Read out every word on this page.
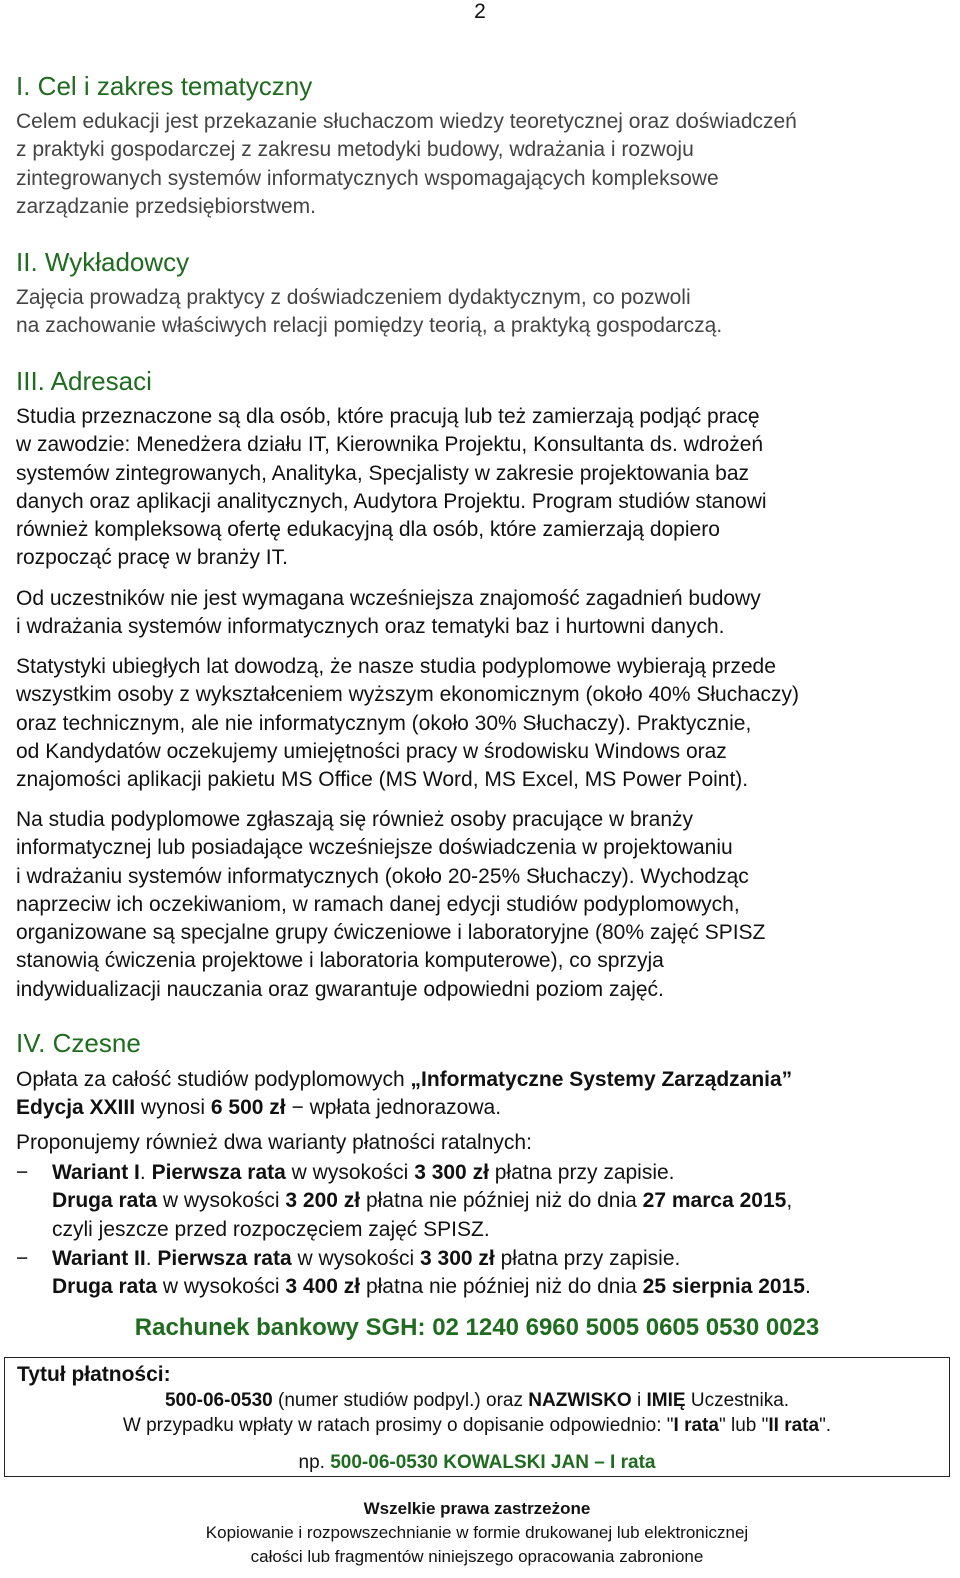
2
I. Cel i zakres tematyczny
Celem edukacji jest przekazanie słuchaczom wiedzy teoretycznej oraz doświadczeń
z praktyki gospodarczej z zakresu metodyki budowy, wdrażania i rozwoju
zintegrowanych systemów informatycznych wspomagających kompleksowe
zarządzanie przedsiębiorstwem.
II. Wykładowcy
Zajęcia prowadzą praktycy z doświadczeniem dydaktycznym, co pozwoli
na zachowanie właściwych relacji pomiędzy teorią, a praktyką gospodarczą.
III. Adresaci
Studia przeznaczone są dla osób, które pracują lub też zamierzają podjąć pracę
w zawodzie: Menedżera działu IT, Kierownika Projektu, Konsultanta ds. wdrożeń
systemów zintegrowanych, Analityka, Specjalisty w zakresie projektowania baz
danych oraz aplikacji analitycznych, Audytora Projektu. Program studiów stanowi
również kompleksową ofertę edukacyjną dla osób, które zamierzają dopiero
rozpocząć pracę w branży IT.
Od uczestników nie jest wymagana wcześniejsza znajomość zagadnień budowy
i wdrażania systemów informatycznych oraz tematyki baz i hurtowni danych.
Statystyki ubiegłych lat dowodzą, że nasze studia podyplomowe wybierają przede
wszystkim osoby z wykształceniem wyższym ekonomicznym (około 40% Słuchaczy)
oraz technicznym, ale nie informatycznym (około 30% Słuchaczy). Praktycznie,
od Kandydatów oczekujemy umiejętności pracy w środowisku Windows oraz
znajomości aplikacji pakietu MS Office (MS Word, MS Excel, MS Power Point).
Na studia podyplomowe zgłaszają się również osoby pracujące w branży
informatycznej lub posiadające wcześniejsze doświadczenia w projektowaniu
i wdrażaniu systemów informatycznych (około 20-25% Słuchaczy). Wychodząc
naprzeciw ich oczekiwaniom, w ramach danej edycji studiów podyplomowych,
organizowane są specjalne grupy ćwiczeniowe i laboratoryjne (80% zajęć SPISZ
stanowią ćwiczenia projektowe i laboratoria komputerowe), co sprzyja
indywidualizacji nauczania oraz gwarantuje odpowiedni poziom zajęć.
IV. Czesne
Opłata za całość studiów podyplomowych „Informatyczne Systemy Zarządzania”
Edycja XXIII wynosi 6 500 zł − wpłata jednorazowa.
Proponujemy również dwa warianty płatności ratalnych:
−	Wariant I. Pierwsza rata w wysokości 3 300 zł płatna przy zapisie.
Druga rata w wysokości 3 200 zł płatna nie później niż do dnia 27 marca 2015,
czyli jeszcze przed rozpoczęciem zajęć SPISZ.
−	Wariant II. Pierwsza rata w wysokości 3 300 zł płatna przy zapisie.
Druga rata w wysokości 3 400 zł płatna nie później niż do dnia 25 sierpnia 2015.
Rachunek bankowy SGH: 02 1240 6960 5005 0605 0530 0023
Tytuł płatności:
500-06-0530 (numer studiów podpyl.) oraz NAZWISKO i IMIĘ Uczestnika.
W przypadku wpłaty w ratach prosimy o dopisanie odpowiednio: "I rata" lub "II rata".
np. 500-06-0530 KOWALSKI JAN – I rata
Wszelkie prawa zastrzeżone
Kopiowanie i rozpowszechnianie w formie drukowanej lub elektronicznej
całości lub fragmentów niniejszego opracowania zabronione
